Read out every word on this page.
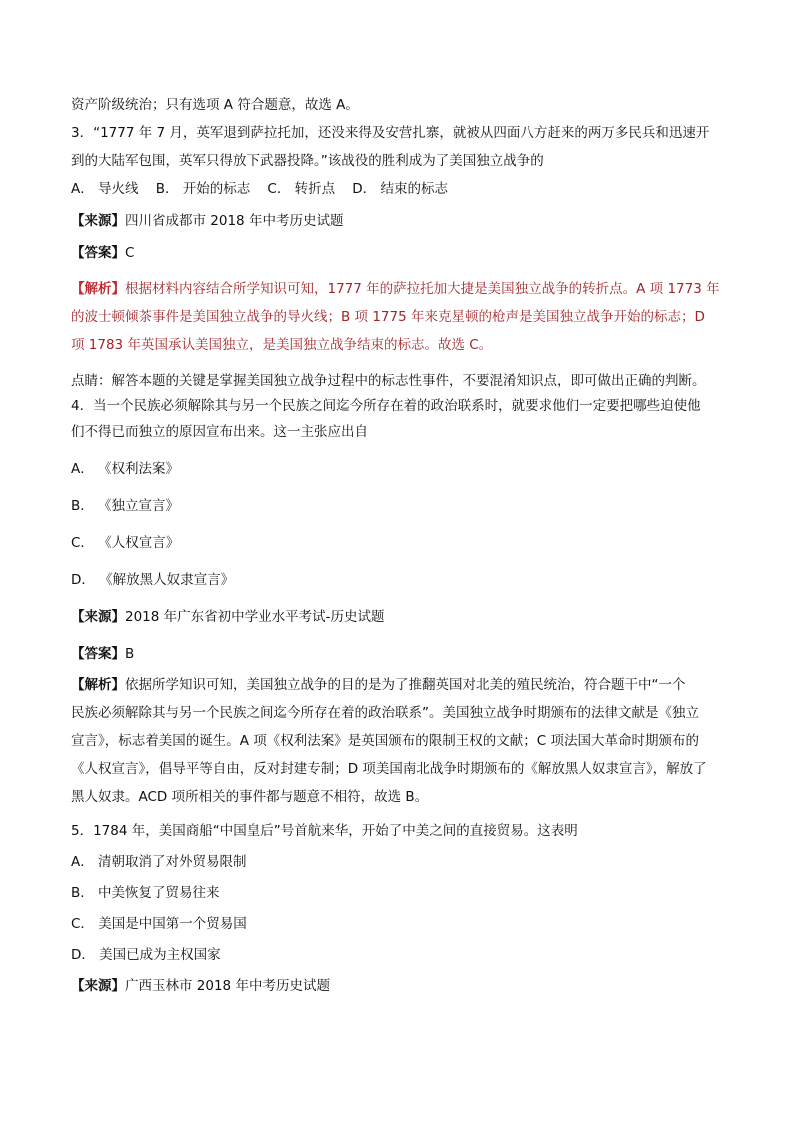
资产阶级统治；只有选项 A 符合题意，故选 A。

3．“1777 年 7 月，英军退到萨拉托加，还没来得及安营扎寨，就被从四面八方赶来的两万多民兵和迅速开

到的大陆军包围，英军只得放下武器投降。”该战役的胜利成为了美国独立战争的

A． 导火线    B． 开始的标志    C． 转折点    D． 结束的标志

【来源】四川省成都市 2018 年中考历史试题

【答案】C

【解析】根据材料内容结合所学知识可知，1777 年的萨拉托加大捷是美国独立战争的转折点。A 项 1773 年

的波士顿倾茶事件是美国独立战争的导火线；B 项 1775 年来克星顿的枪声是美国独立战争开始的标志；D

项 1783 年英国承认美国独立，是美国独立战争结束的标志。故选 C。

点睛：解答本题的关键是掌握美国独立战争过程中的标志性事件，不要混淆知识点，即可做出正确的判断。

4．当一个民族必须解除其与另一个民族之间迄今所存在着的政治联系时，就要求他们一定要把哪些迫使他

们不得已而独立的原因宣布出来。这一主张应出自

A． 《权利法案》

B． 《独立宣言》

C． 《人权宣言》

D． 《解放黑人奴隶宣言》

【来源】2018 年广东省初中学业水平考试-历史试题

【答案】B

【解析】依据所学知识可知，美国独立战争的目的是为了推翻英国对北美的殖民统治，符合题干中“一个

民族必须解除其与另一个民族之间迄今所存在着的政治联系”。美国独立战争时期颁布的法律文献是《独立

宣言》，标志着美国的诞生。A 项《权利法案》是英国颁布的限制王权的文献；C 项法国大革命时期颁布的

《人权宣言》，倡导平等自由，反对封建专制；D 项美国南北战争时期颁布的《解放黑人奴隶宣言》，解放了

黑人奴隶。ACD 项所相关的事件都与题意不相符，故选 B。

5．1784 年，美国商船“中国皇后”号首航来华，开始了中美之间的直接贸易。这表明

A． 清朝取消了对外贸易限制

B． 中美恢复了贸易往来

C． 美国是中国第一个贸易国

D． 美国已成为主权国家

【来源】广西玉林市 2018 年中考历史试题
